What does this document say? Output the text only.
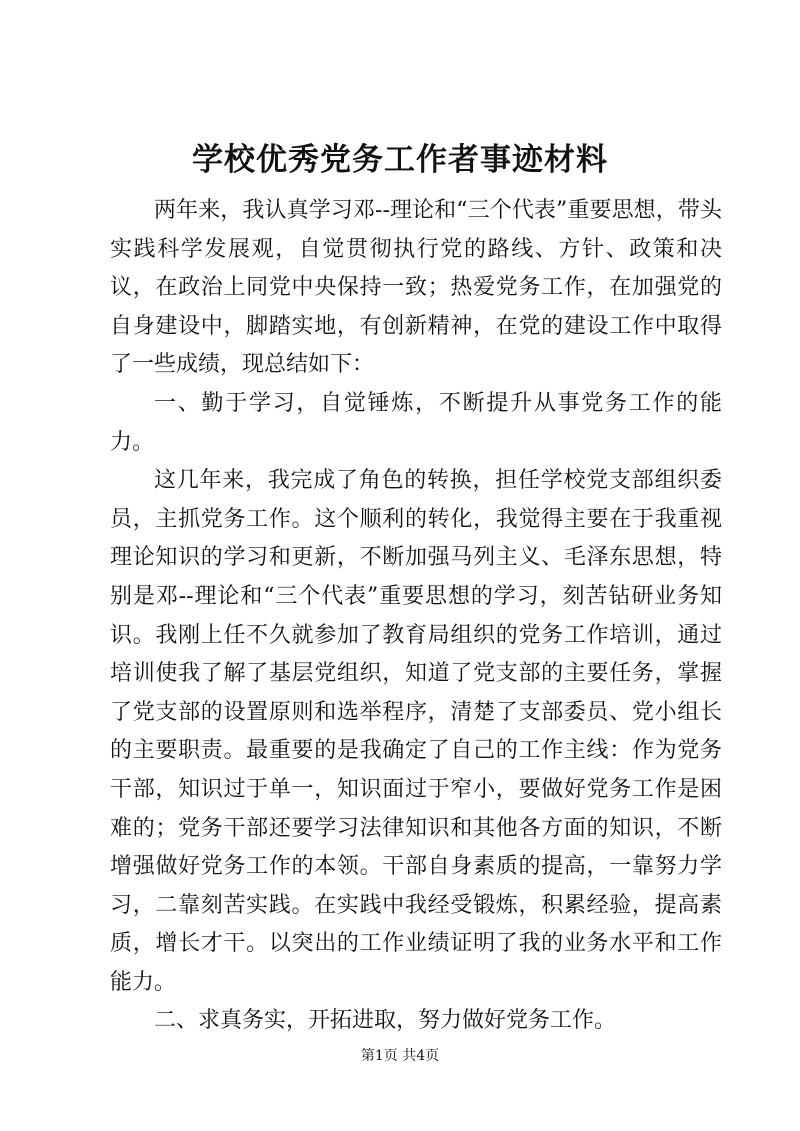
学校优秀党务工作者事迹材料

两年来，我认真学习邓--理论和“三个代表”重要思想，带头实践科学发展观，自觉贯彻执行党的路线、方针、政策和决议，在政治上同党中央保持一致；热爱党务工作，在加强党的自身建设中，脚踏实地，有创新精神，在党的建设工作中取得了一些成绩，现总结如下：

一、勤于学习，自觉锤炼，不断提升从事党务工作的能力。

这几年来，我完成了角色的转换，担任学校党支部组织委员，主抓党务工作。这个顺利的转化，我觉得主要在于我重视理论知识的学习和更新，不断加强马列主义、毛泽东思想，特别是邓--理论和“三个代表”重要思想的学习，刻苦钻研业务知识。我刚上任不久就参加了教育局组织的党务工作培训，通过培训使我了解了基层党组织，知道了党支部的主要任务，掌握了党支部的设置原则和选举程序，清楚了支部委员、党小组长的主要职责。最重要的是我确定了自己的工作主线：作为党务干部，知识过于单一，知识面过于窄小，要做好党务工作是困难的；党务干部还要学习法律知识和其他各方面的知识，不断增强做好党务工作的本领。干部自身素质的提高，一靠努力学习，二靠刻苦实践。在实践中我经受锻炼，积累经验，提高素质，增长才干。以突出的工作业绩证明了我的业务水平和工作能力。

二、求真务实，开拓进取，努力做好党务工作。

第1页 共4页
